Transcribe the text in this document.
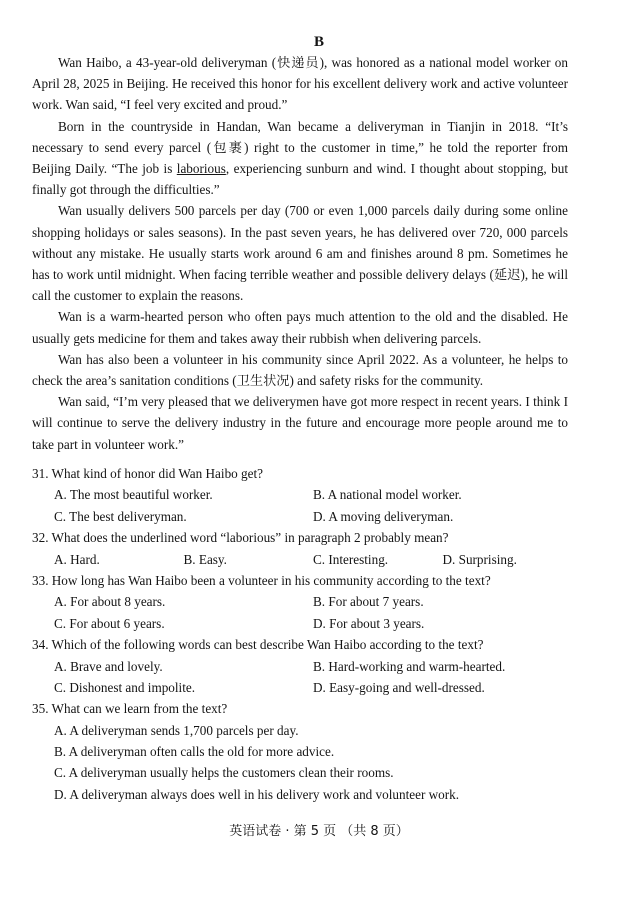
B

Wan Haibo, a 43-year-old deliveryman (快递员), was honored as a national model worker on April 28, 2025 in Beijing. He received this honor for his excellent delivery work and active volunteer work. Wan said, “I feel very excited and proud.”

Born in the countryside in Handan, Wan became a deliveryman in Tianjin in 2018. “It’s necessary to send every parcel (包裹) right to the customer in time,” he told the reporter from Beijing Daily. “The job is laborious, experiencing sunburn and wind. I thought about stopping, but finally got through the difficulties.”

Wan usually delivers 500 parcels per day (700 or even 1,000 parcels daily during some online shopping holidays or sales seasons). In the past seven years, he has delivered over 720, 000 parcels without any mistake. He usually starts work around 6 am and finishes around 8 pm. Sometimes he has to work until midnight. When facing terrible weather and possible delivery delays (延迟), he will call the customer to explain the reasons.

Wan is a warm-hearted person who often pays much attention to the old and the disabled. He usually gets medicine for them and takes away their rubbish when delivering parcels.

Wan has also been a volunteer in his community since April 2022. As a volunteer, he helps to check the area’s sanitation conditions (卫生状况) and safety risks for the community.

Wan said, “I’m very pleased that we deliverymen have got more respect in recent years. I think I will continue to serve the delivery industry in the future and encourage more people around me to take part in volunteer work.”

31. What kind of honor did Wan Haibo get?
A. The most beautiful worker.	B. A national model worker.
C. The best deliveryman.	D. A moving deliveryman.
32. What does the underlined word “laborious” in paragraph 2 probably mean?
A. Hard.	B. Easy.	C. Interesting.	D. Surprising.
33. How long has Wan Haibo been a volunteer in his community according to the text?
A. For about 8 years.	B. For about 7 years.
C. For about 6 years.	D. For about 3 years.
34. Which of the following words can best describe Wan Haibo according to the text?
A. Brave and lovely.	B. Hard-working and warm-hearted.
C. Dishonest and impolite.	D. Easy-going and well-dressed.
35. What can we learn from the text?
A. A deliveryman sends 1,700 parcels per day.
B. A deliveryman often calls the old for more advice.
C. A deliveryman usually helps the customers clean their rooms.
D. A deliveryman always does well in his delivery work and volunteer work.
英语试卷 · 第 5 页 （共 8 页）
